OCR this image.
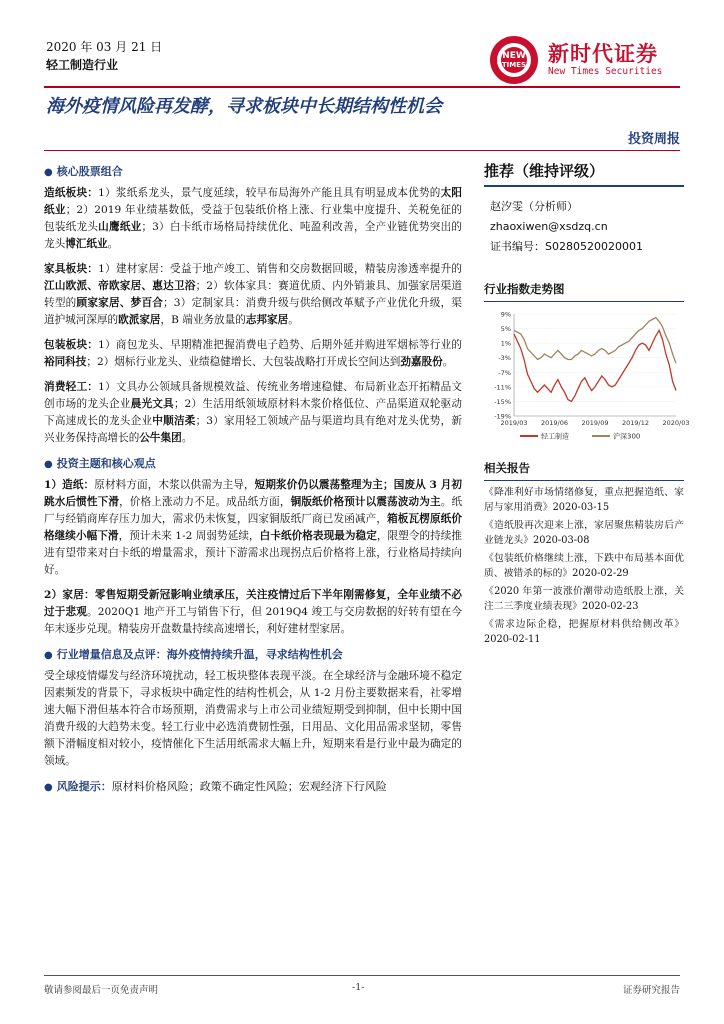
2020 年 03 月 21 日
轻工制造行业
NEW
TIMES 新时代证券
New Times Securities
海外疫情风险再发酵，寻求板块中长期结构性机会
投资周报
● 核心股票组合

造纸板块：1）浆纸系龙头，景气度延续，较早布局海外产能且具有明显成本优势的太阳纸业；2）2019 年业绩基数低，受益于包装纸价格上涨、行业集中度提升、关税免征的包装纸龙头山鹰纸业；3）白卡纸市场格局持续优化、吨盈利改善，全产业链优势突出的龙头博汇纸业。

家具板块：1）建材家居：受益于地产竣工、销售和交房数据回暖，精装房渗透率提升的江山欧派、帝欧家居、惠达卫浴；2）软体家具：赛道优质、内外销兼具、加强家居渠道转型的顾家家居、梦百合；3）定制家具：消费升级与供给侧改革赋予产业优化升级，渠道护城河深厚的欧派家居，B 端业务放量的志邦家居。

包装板块：1）商包龙头、早期精准把握消费电子趋势、后期外延并购进军烟标等行业的裕同科技；2）烟标行业龙头、业绩稳健增长、大包装战略打开成长空间达到劲嘉股份。

消费轻工：1）文具办公领域具备规模效益、传统业务增速稳健、布局新业态开拓精品文创市场的龙头企业晨光文具；2）生活用纸领域原材料木浆价格低位、产品渠道双轮驱动下高速成长的龙头企业中顺洁柔；3）家用轻工领域产品与渠道均具有绝对龙头优势，新兴业务保持高增长的公牛集团。

● 投资主题和核心观点

1）造纸：原材料方面，木浆以供需为主导，短期浆价仍以震荡整理为主；国废从 3 月初跳水后惯性下滑，价格上涨动力不足。成品纸方面，铜版纸价格预计以震荡波动为主。纸厂与经销商库存压力加大，需求仍未恢复，四家铜版纸厂商已发函减产，箱板瓦楞原纸价格继续小幅下滑，预计未来 1-2 周弱势延续，白卡纸价格表现最为稳定，限塑令的持续推进有望带来对白卡纸的增量需求，预计下游需求出现拐点后价格将上涨，行业格局持续向好。

2）家居：零售短期受新冠影响业绩承压，关注疫情过后下半年刚需修复，全年业绩不必过于悲观。2020Q1 地产开工与销售下行，但 2019Q4 竣工与交房数据的好转有望在今年末逐步兑现。精装房开盘数量持续高速增长，利好建材型家居。

● 行业增量信息及点评：海外疫情持续升温，寻求结构性机会

受全球疫情爆发与经济环境扰动，轻工板块整体表现平淡。在全球经济与金融环境不稳定因素频发的背景下，寻求板块中确定性的结构性机会，从 1-2 月份主要数据来看，社零增速大幅下滑但基本符合市场预期，消费需求与上市公司业绩短期受到抑制，但中长期中国消费升级的大趋势未变。轻工行业中必选消费韧性强，日用品、文化用品需求坚韧，零售额下滑幅度相对较小，疫情催化下生活用纸需求大幅上升，短期来看是行业中最为确定的领域。

● 风险提示：原材料价格风险；政策不确定性风险；宏观经济下行风险
推荐（维持评级）
赵汐雯（分析师）
zhaoxiwen@xsdzq.cn
证书编号：S0280520020001
行业指数走势图
9%
5%
1%
-3%
-7%
-11%
-15%
-19%
2019/03 2019/06 2019/09 2019/12 2020/03
轻工制造	沪深300
相关报告
《降准利好市场情绪修复，重点把握造纸、家居与家用消费》2020-03-15
《造纸股再次迎来上涨，家居聚焦精装房后产业链龙头》2020-03-08
《包装纸价格继续上涨，下跌中布局基本面优质、被错杀的标的》2020-02-29
《2020 年第一波涨价潮带动造纸股上涨，关注二三季度业绩表现》2020-02-23
《需求边际企稳，把握原材料供给侧改革》2020-02-11
敬请参阅最后一页免责声明	-1-	证券研究报告
